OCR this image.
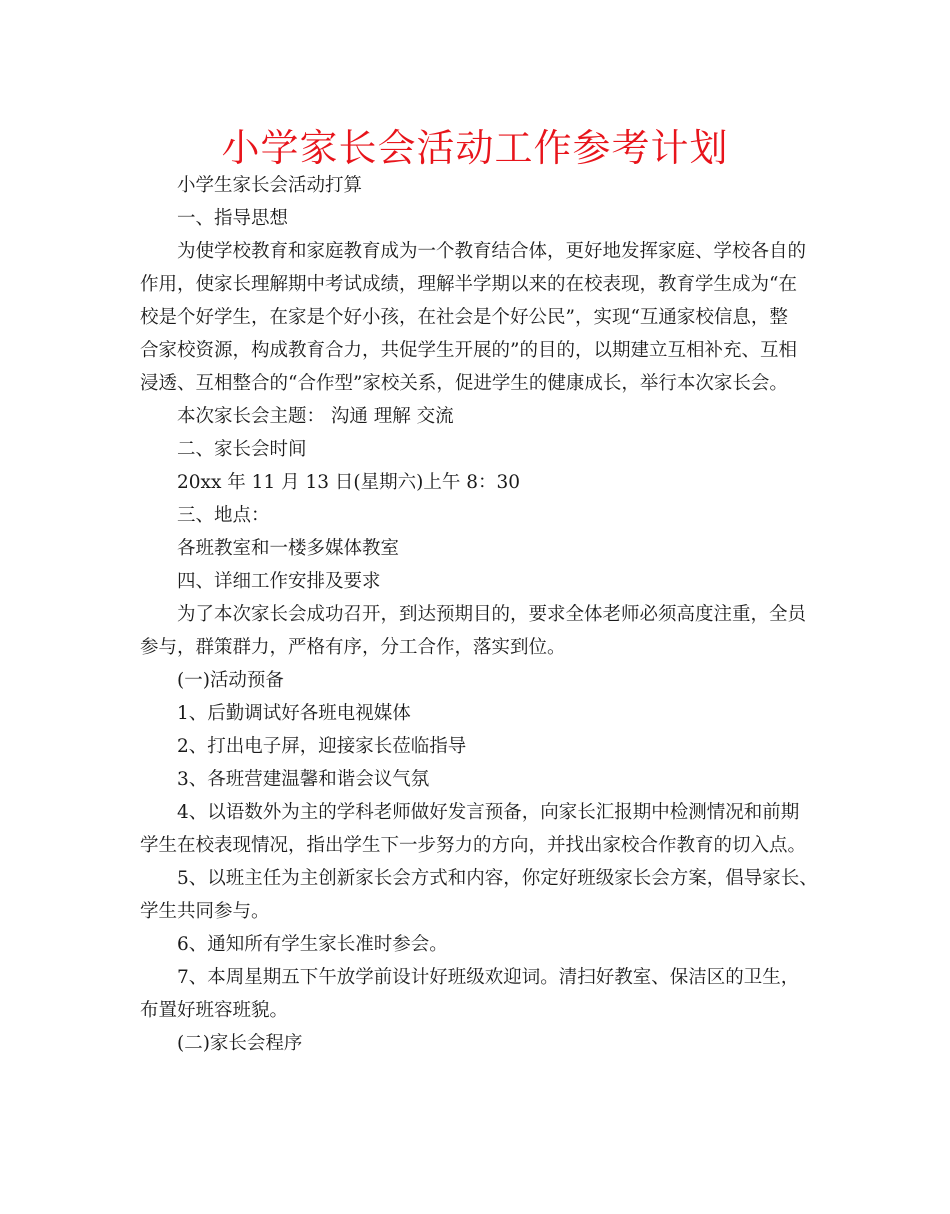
小学家长会活动工作参考计划

小学生家长会活动打算

一、指导思想

为使学校教育和家庭教育成为一个教育结合体，更好地发挥家庭、学校各自的

作用，使家长理解期中考试成绩，理解半学期以来的在校表现，教育学生成为“在

校是个好学生，在家是个好小孩，在社会是个好公民”，实现“互通家校信息，整

合家校资源，构成教育合力，共促学生开展的”的目的，以期建立互相补充、互相

浸透、互相整合的“合作型”家校关系，促进学生的健康成长，举行本次家长会。

本次家长会主题： 沟通 理解 交流

二、家长会时间

20xx 年 11 月 13 日(星期六)上午 8：30

三、地点：

各班教室和一楼多媒体教室

四、详细工作安排及要求

为了本次家长会成功召开，到达预期目的，要求全体老师必须高度注重，全员

参与，群策群力，严格有序，分工合作，落实到位。

(一)活动预备

1、后勤调试好各班电视媒体

2、打出电子屏，迎接家长莅临指导

3、各班营建温馨和谐会议气氛

4、以语数外为主的学科老师做好发言预备，向家长汇报期中检测情况和前期

学生在校表现情况，指出学生下一步努力的方向，并找出家校合作教育的切入点。

5、以班主任为主创新家长会方式和内容，你定好班级家长会方案，倡导家长、

学生共同参与。

6、通知所有学生家长准时参会。

7、本周星期五下午放学前设计好班级欢迎词。清扫好教室、保洁区的卫生，

布置好班容班貌。

(二)家长会程序
